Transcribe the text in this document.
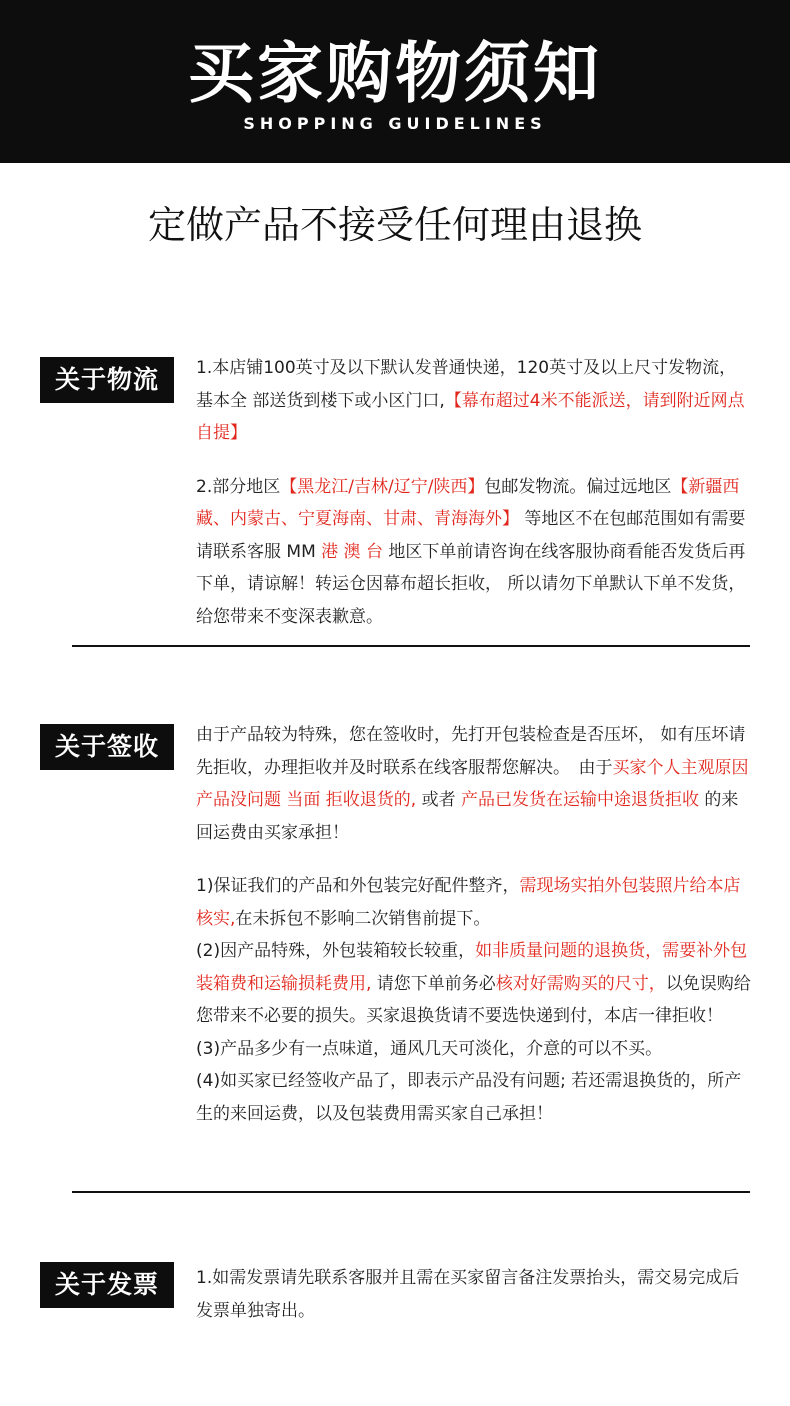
买家购物须知
SHOPPING GUIDELINES
定做产品不接受任何理由退换
关于物流	1.本店铺100英寸及以下默认发普通快递，120英寸及以上尺寸发物流，基本全 部送货到楼下或小区门口,【幕布超过4米不能派送，请到附近网点自提】

2.部分地区【黑龙江/吉林/辽宁/陕西】包邮发物流。偏过远地区【新疆西藏、内蒙古、宁夏海南、甘肃、青海海外】 等地区不在包邮范围如有需要请联系客服 MM 港 澳 台 地区下单前请咨询在线客服协商看能否发货后再下单，请谅解！转运仓因幕布超长拒收， 所以请勿下单默认下单不发货，给您带来不变深表歉意。

关于签收	由于产品较为特殊，您在签收时，先打开包装检查是否压坏， 如有压坏请先拒收，办理拒收并及时联系在线客服帮您解决。　由于买家个人主观原因产品没问题 当面 拒收退货的, 或者 产品已发货在运输中途退货拒收 的来回运费由买家承担！

1)保证我们的产品和外包装完好配件整齐，需现场实拍外包装照片给本店核实,在未拆包不影响二次销售前提下。

(2)因产品特殊，外包装箱较长较重，如非质量问题的退换货，需要补外包装箱费和运输损耗费用, 请您下单前务必核对好需购买的尺寸，以免误购给您带来不必要的损失。买家退换货请不要选快递到付，本店一律拒收！

(3)产品多少有一点味道，通风几天可淡化，介意的可以不买。

(4)如买家已经签收产品了，即表示产品没有问题; 若还需退换货的，所产生的来回运费，以及包装费用需买家自己承担！

关于发票	1.如需发票请先联系客服并且需在买家留言备注发票抬头，需交易完成后发票单独寄出。
